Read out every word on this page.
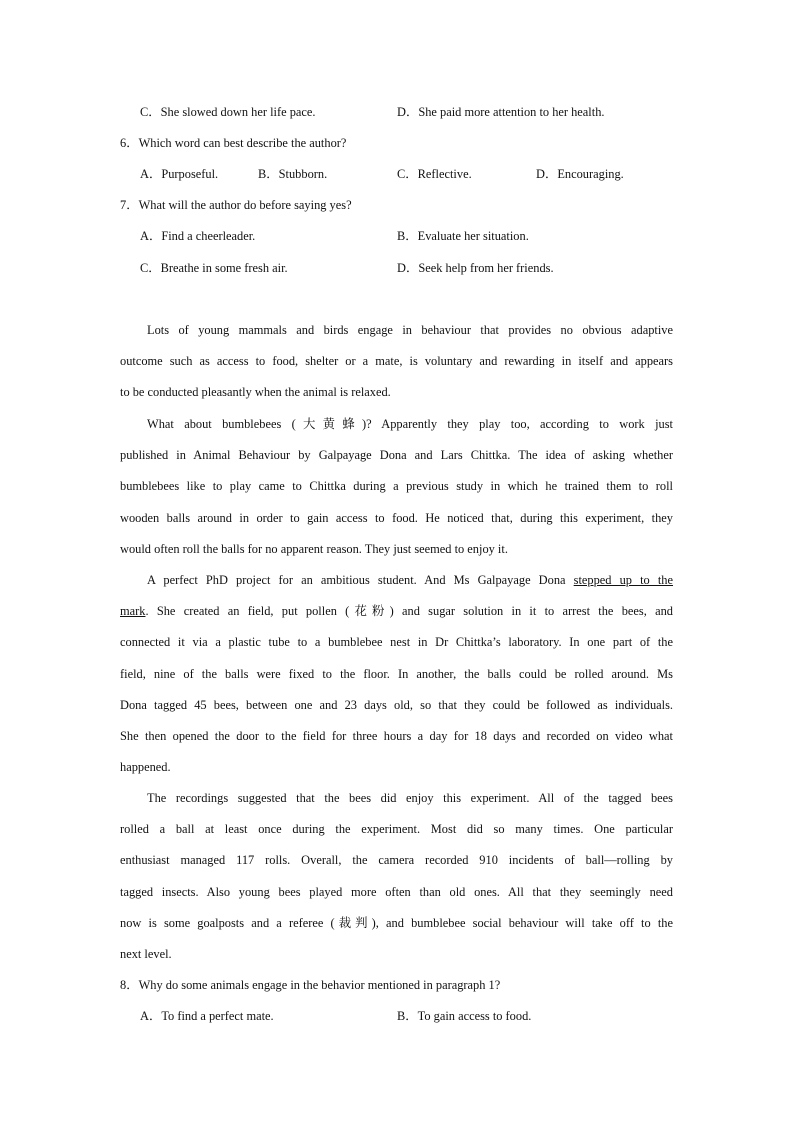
C．She slowed down her life pace.	D．She paid more attention to her health.
6．Which word can best describe the author?
A．Purposeful.	B．Stubborn.	C．Reflective.	D．Encouraging.
7．What will the author do before saying yes?
A．Find a cheerleader.	B．Evaluate her situation.
C．Breathe in some fresh air.	D．Seek help from her friends.
Lots of young mammals and birds engage in behaviour that provides no obvious adaptive
outcome such as access to food, shelter or a mate, is voluntary and rewarding in itself and appears
to be conducted pleasantly when the animal is relaxed.
What about bumblebees (大黄蜂)? Apparently they play too, according to work just
published in Animal Behaviour by Galpayage Dona and Lars Chittka. The idea of asking whether
bumblebees like to play came to Chittka during a previous study in which he trained them to roll
wooden balls around in order to gain access to food. He noticed that, during this experiment, they
would often roll the balls for no apparent reason. They just seemed to enjoy it.
A perfect PhD project for an ambitious student. And Ms Galpayage Dona stepped up to the
mark. She created an field, put pollen (花粉) and sugar solution in it to arrest the bees, and
connected it via a plastic tube to a bumblebee nest in Dr Chittka’s laboratory. In one part of the
field, nine of the balls were fixed to the floor. In another, the balls could be rolled around. Ms
Dona tagged 45 bees, between one and 23 days old, so that they could be followed as individuals.
She then opened the door to the field for three hours a day for 18 days and recorded on video what
happened.
The recordings suggested that the bees did enjoy this experiment. All of the tagged bees
rolled a ball at least once during the experiment. Most did so many times. One particular
enthusiast managed 117 rolls. Overall, the camera recorded 910 incidents of ball—rolling by
tagged insects. Also young bees played more often than old ones. All that they seemingly need
now is some goalposts and a referee (裁判), and bumblebee social behaviour will take off to the
next level.
8．Why do some animals engage in the behavior mentioned in paragraph 1?
A．To find a perfect mate.	B．To gain access to food.
